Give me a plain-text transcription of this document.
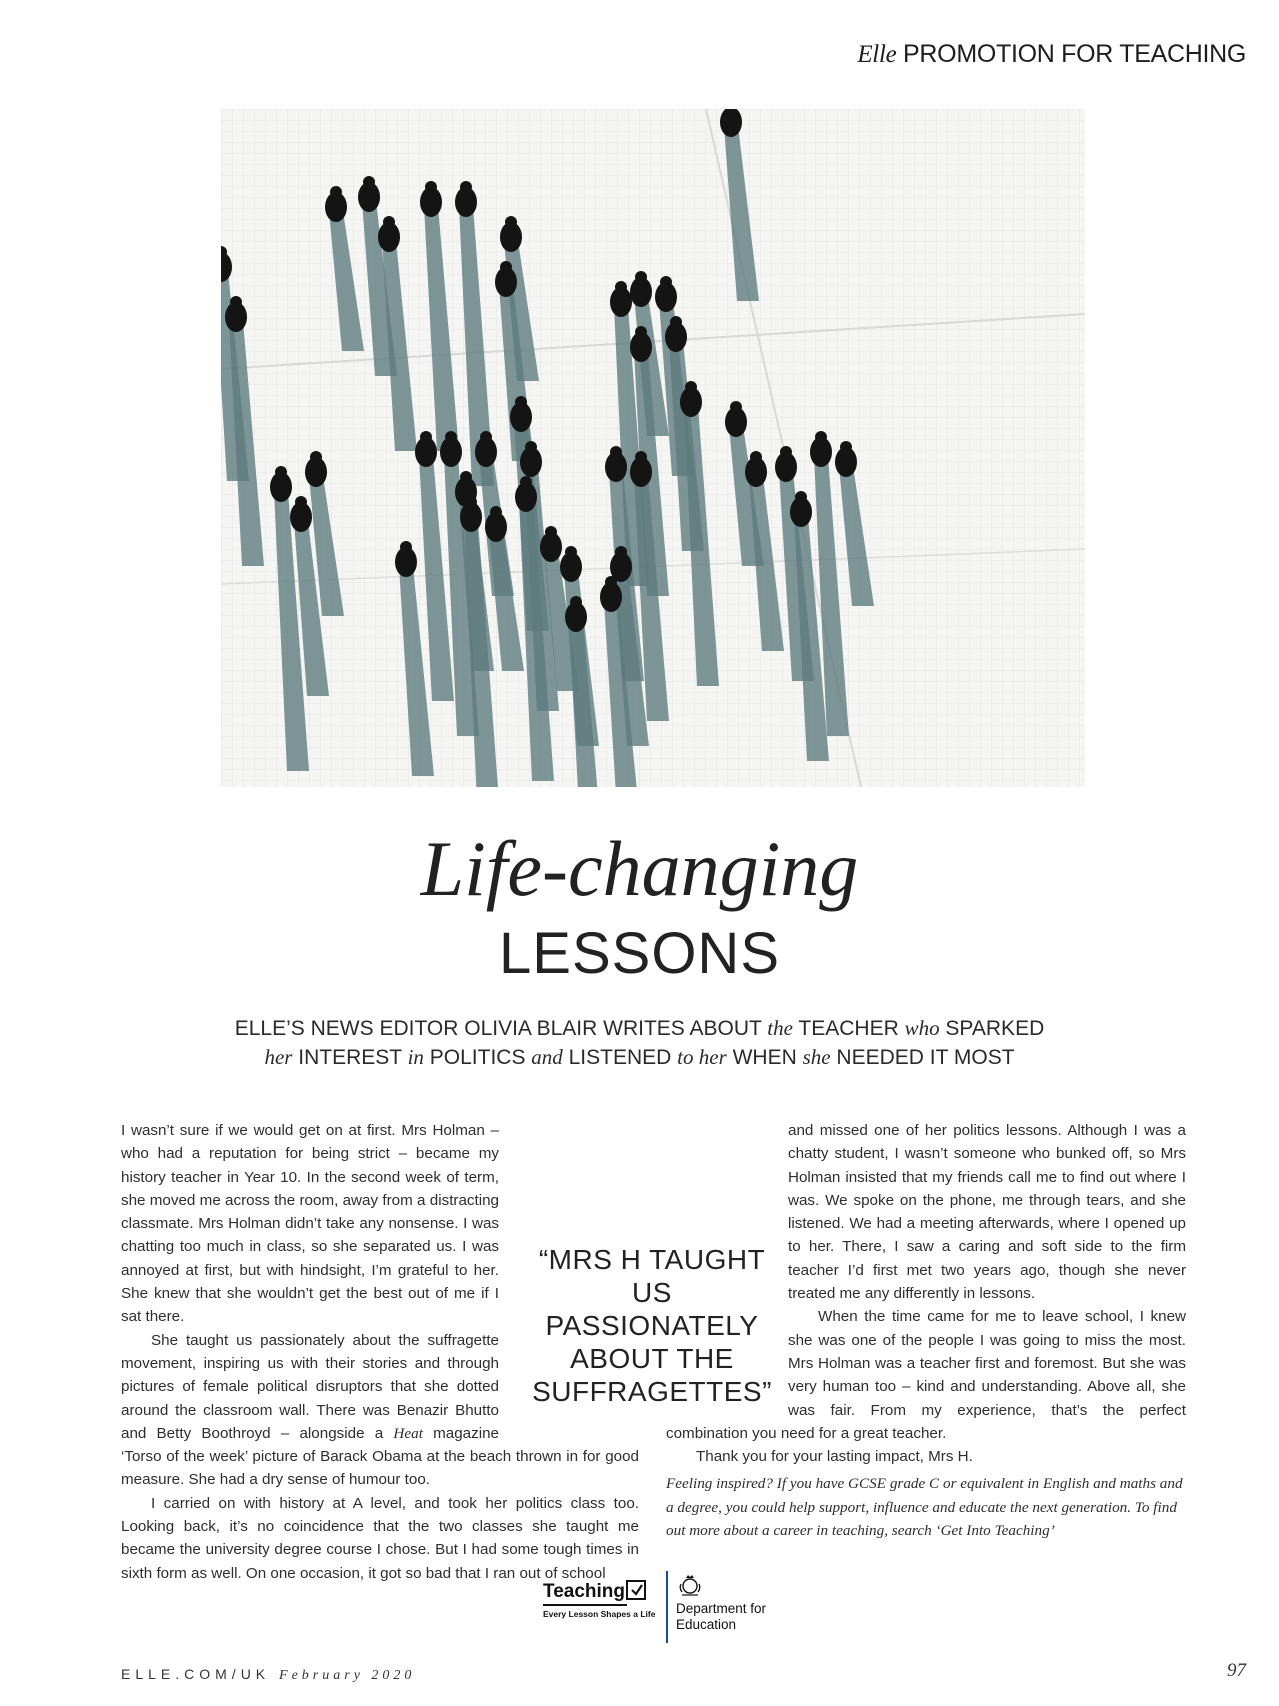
Elle PROMOTION FOR TEACHING
Life-changing
LESSONS
ELLE’S NEWS EDITOR OLIVIA BLAIR WRITES ABOUT the TEACHER who SPARKED
her INTEREST in POLITICS and LISTENED to her WHEN she NEEDED IT MOST

I wasn’t sure if we would get on at first. Mrs Holman – who had a reputation for being strict – became my history teacher in Year 10. In the second week of term, she moved me across the room, away from a distracting classmate. Mrs Holman didn’t take any nonsense. I was chatting too much in class, so she separated us. I was annoyed at first, but with hindsight, I’m grateful to her. She knew that she wouldn’t get the best out of me if I sat there.

She taught us passionately about the suffragette movement, inspiring us with their stories and through pictures of female political disruptors that she dotted around the classroom wall. There was Benazir Bhutto and Betty Boothroyd – alongside a Heat magazine ‘Torso of the week’ picture of Barack Obama at the beach thrown in for good measure. She had a dry sense of humour too.

I carried on with history at A level, and took her politics class too. Looking back, it’s no coincidence that the two classes she taught me became the university degree course I chose. But I had some tough times in sixth form as well. On one occasion, it got so bad that I ran out of school

and missed one of her politics lessons. Although I was a chatty student, I wasn’t someone who bunked off, so Mrs Holman insisted that my friends call me to find out where I was. We spoke on the phone, me through tears, and she listened. We had a meeting afterwards, where I opened up to her. There, I saw a caring and soft side to the firm teacher I’d first met two years ago, though she never treated me any differently in lessons.

When the time came for me to leave school, I knew she was one of the people I was going to miss the most. Mrs Holman was a teacher first and foremost. But she was very human too – kind and understanding. Above all, she was fair. From my experience, that’s the perfect combination you need for a great teacher.

Thank you for your lasting impact, Mrs H.

“MRS H TAUGHT US PASSIONATELY ABOUT THE SUFFRAGETTES”
Feeling inspired? If you have GCSE grade C or equivalent in English and maths and a degree, you could help support, influence and educate the next generation. To find out more about a career in teaching, search ‘Get Into Teaching’
Teaching
Every Lesson Shapes a Life Department for Education
ELLE.COM/UK February 2020	97
